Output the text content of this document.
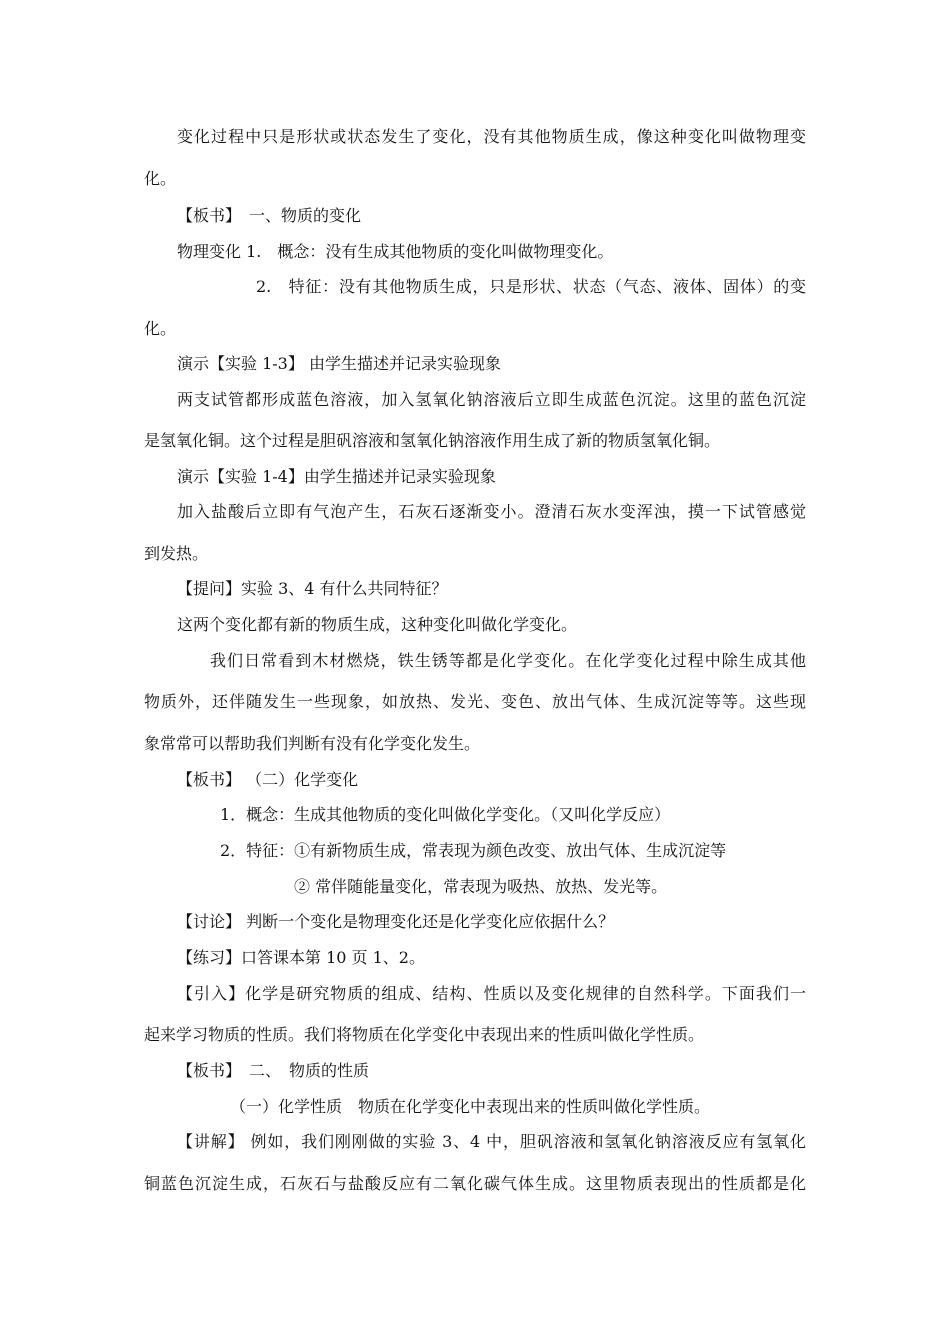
变化过程中只是形状或状态发生了变化，没有其他物质生成，像这种变化叫做物理变
化。
【板书】　一、物质的变化
物理变化 1.　概念：没有生成其他物质的变化叫做物理变化。
2.　特征：没有其他物质生成，只是形状、状态（气态、液体、固体）的变
化。
演示【实验 1-3】 由学生描述并记录实验现象
两支试管都形成蓝色溶液，加入氢氧化钠溶液后立即生成蓝色沉淀。这里的蓝色沉淀
是氢氧化铜。这个过程是胆矾溶液和氢氧化钠溶液作用生成了新的物质氢氧化铜。
演示【实验 1-4】由学生描述并记录实验现象
加入盐酸后立即有气泡产生，石灰石逐渐变小。澄清石灰水变浑浊，摸一下试管感觉
到发热。
【提问】实验 3、4 有什么共同特征？
这两个变化都有新的物质生成，这种变化叫做化学变化。
我们日常看到木材燃烧，铁生锈等都是化学变化。在化学变化过程中除生成其他
物质外，还伴随发生一些现象，如放热、发光、变色、放出气体、生成沉淀等等。这些现
象常常可以帮助我们判断有没有化学变化发生。
【板书】 （二）化学变化
1．概念：生成其他物质的变化叫做化学变化。（又叫化学反应）
2．特征：①有新物质生成，常表现为颜色改变、放出气体、生成沉淀等
② 常伴随能量变化，常表现为吸热、放热、发光等。
【讨论】 判断一个变化是物理变化还是化学变化应依据什么？
【练习】口答课本第 10 页 1、2。
【引入】化学是研究物质的组成、结构、性质以及变化规律的自然科学。下面我们一
起来学习物质的性质。我们将物质在化学变化中表现出来的性质叫做化学性质。
【板书】　二、　物质的性质
（一）化学性质　物质在化学变化中表现出来的性质叫做化学性质。
【讲解】 例如，我们刚刚做的实验 3、4 中，胆矾溶液和氢氧化钠溶液反应有氢氧化
铜蓝色沉淀生成，石灰石与盐酸反应有二氧化碳气体生成。这里物质表现出的性质都是化
